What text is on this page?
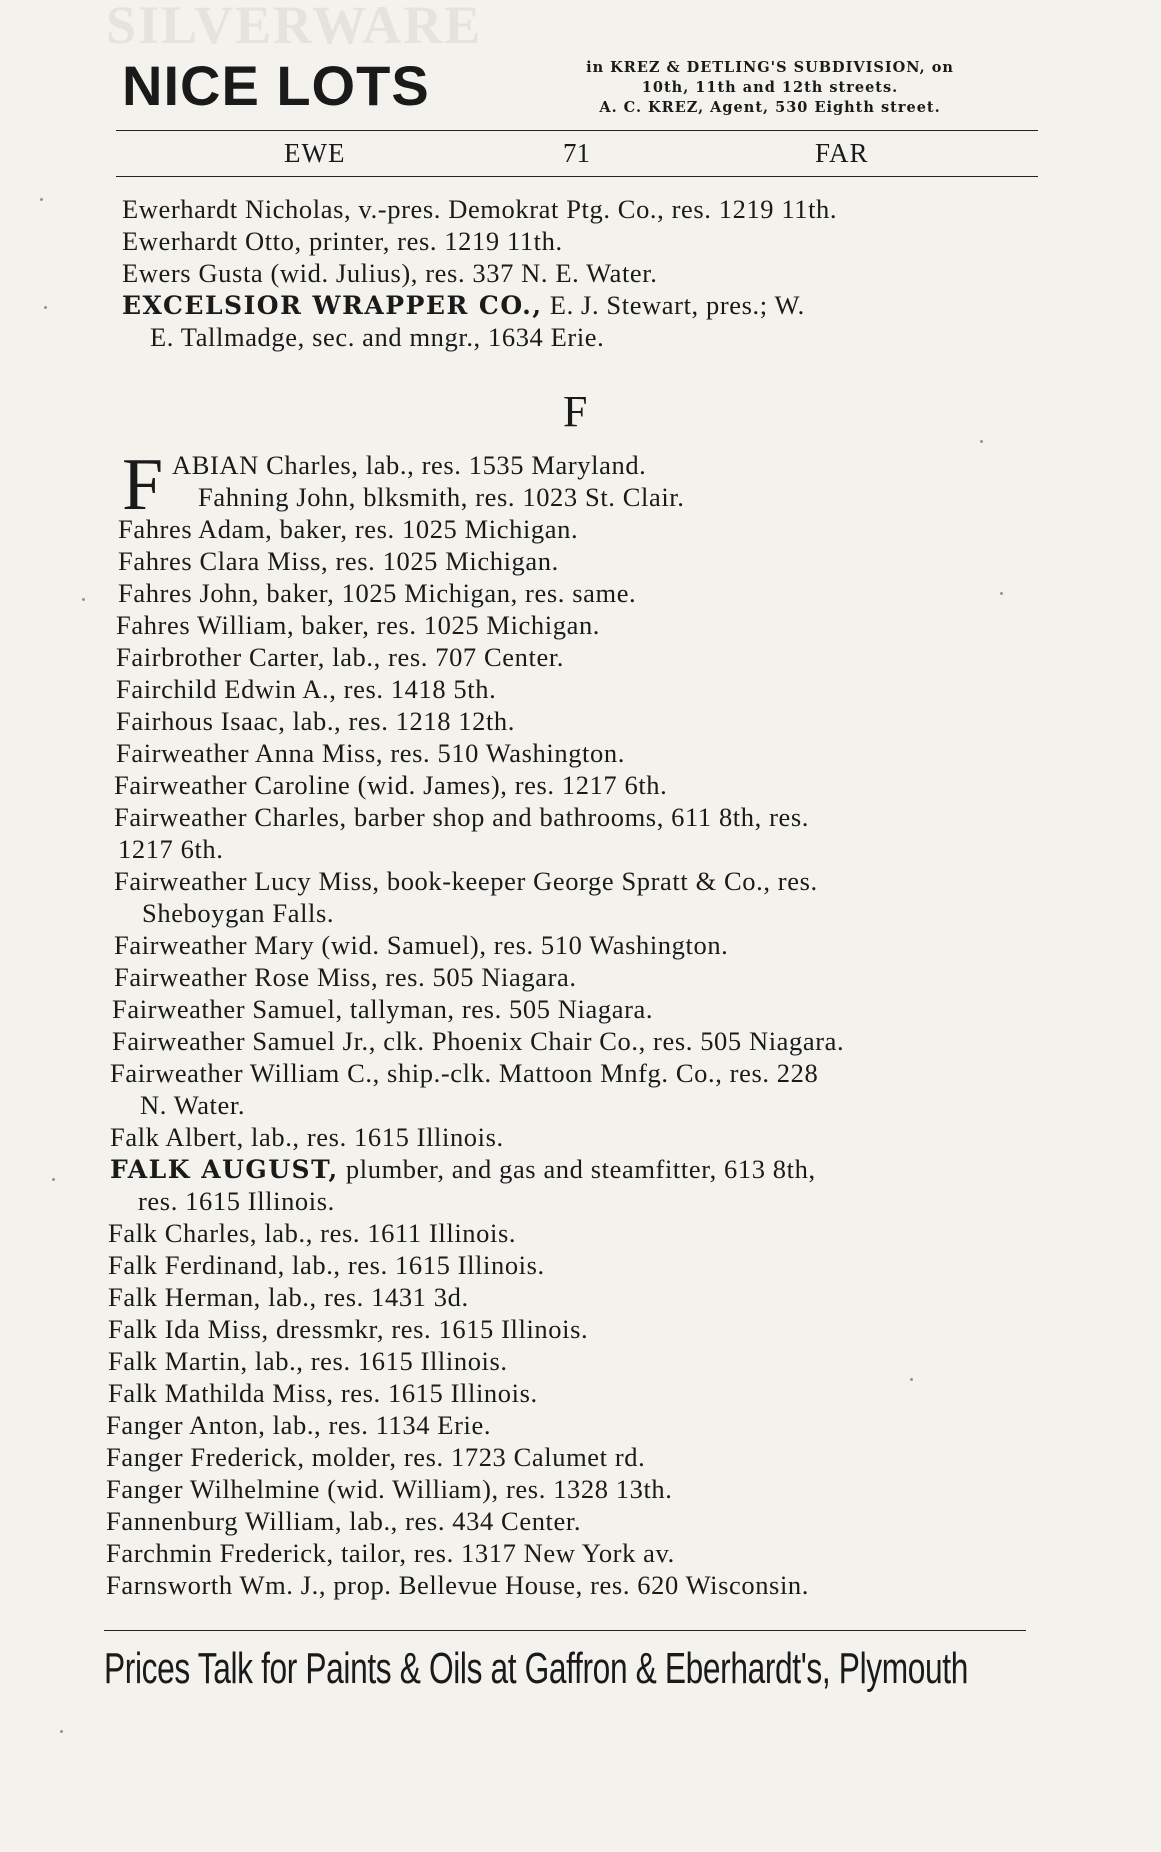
SILVERWARE
NICE LOTS	in KREZ & DETLING'S SUBDIVISION, on
10th, 11th and 12th streets.
A. C. KREZ, Agent, 530 Eighth street.
EWE	71	FAR
Ewerhardt Nicholas, v.-pres. Demokrat Ptg. Co., res. 1219 11th.
Ewerhardt Otto, printer, res. 1219 11th.
Ewers Gusta (wid. Julius), res. 337 N. E. Water.
EXCELSIOR WRAPPER CO., E. J. Stewart, pres.; W.
E. Tallmadge, sec. and mngr., 1634 Erie.
F
F ABIAN Charles, lab., res. 1535 Maryland.
Fahning John, blksmith, res. 1023 St. Clair.
Fahres Adam, baker, res. 1025 Michigan.
Fahres Clara Miss, res. 1025 Michigan.
Fahres John, baker, 1025 Michigan, res. same.
Fahres William, baker, res. 1025 Michigan.
Fairbrother Carter, lab., res. 707 Center.
Fairchild Edwin A., res. 1418 5th.
Fairhous Isaac, lab., res. 1218 12th.
Fairweather Anna Miss, res. 510 Washington.
Fairweather Caroline (wid. James), res. 1217 6th.
Fairweather Charles, barber shop and bathrooms, 611 8th, res.
1217 6th.
Fairweather Lucy Miss, book-keeper George Spratt & Co., res.
Sheboygan Falls.
Fairweather Mary (wid. Samuel), res. 510 Washington.
Fairweather Rose Miss, res. 505 Niagara.
Fairweather Samuel, tallyman, res. 505 Niagara.
Fairweather Samuel Jr., clk. Phoenix Chair Co., res. 505 Niagara.
Fairweather William C., ship.-clk. Mattoon Mnfg. Co., res. 228
N. Water.
Falk Albert, lab., res. 1615 Illinois.
FALK AUGUST, plumber, and gas and steamfitter, 613 8th,
res. 1615 Illinois.
Falk Charles, lab., res. 1611 Illinois.
Falk Ferdinand, lab., res. 1615 Illinois.
Falk Herman, lab., res. 1431 3d.
Falk Ida Miss, dressmkr, res. 1615 Illinois.
Falk Martin, lab., res. 1615 Illinois.
Falk Mathilda Miss, res. 1615 Illinois.
Fanger Anton, lab., res. 1134 Erie.
Fanger Frederick, molder, res. 1723 Calumet rd.
Fanger Wilhelmine (wid. William), res. 1328 13th.
Fannenburg William, lab., res. 434 Center.
Farchmin Frederick, tailor, res. 1317 New York av.
Farnsworth Wm. J., prop. Bellevue House, res. 620 Wisconsin.
Prices Talk for Paints & Oils at Gaffron & Eberhardt's, Plymouth
